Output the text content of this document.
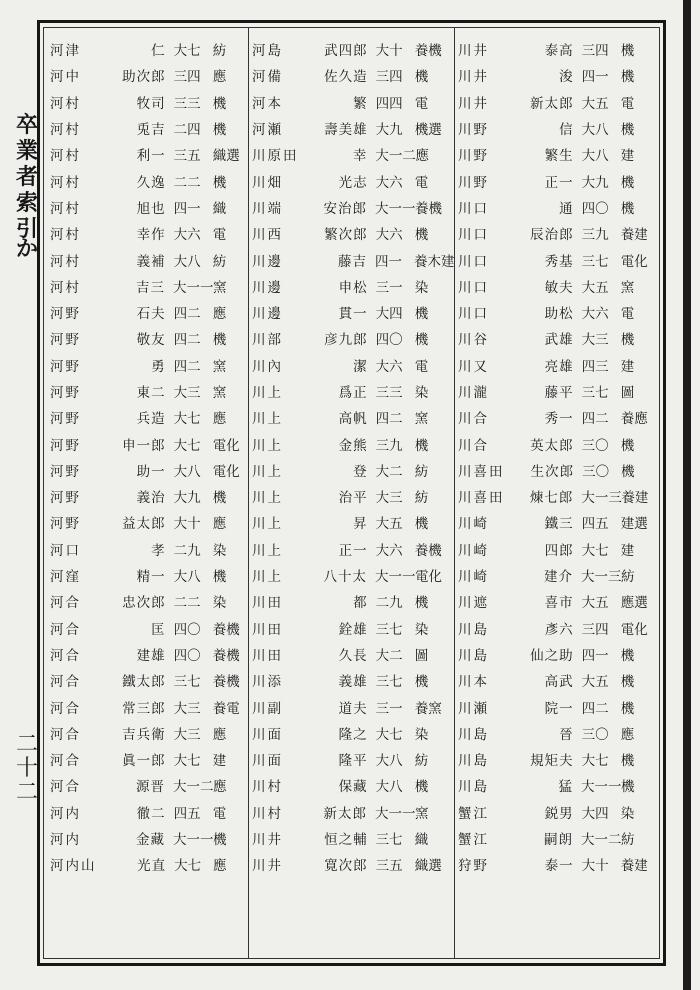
卒
業
者
索
引
か
二
十
二
河津	仁 大七 紡
河中	助次郎 三四 應
河村	牧司 三三 機
河村	兎吉 二四 機
河村	利一 三五 織選
河村	久逸 二二 機
河村	旭也 四一 織
河村	幸作 大六 電
河村	義補 大八 紡
河村	吉三 大一一 窯
河野	石夫 四二 應
河野	敬友 四二 機
河野	勇 四二 窯
河野	東二 大三 窯
河野	兵造 大七 應
河野	申一郎 大七 電化
河野	助一 大八 電化
河野	義治 大九 機
河野	益太郎 大十 應
河口	孝 二九 染
河窪	精一 大八 機
河合	忠次郎 二二 染
河合	匡 四〇 養機
河合	建雄 四〇 養機
河合	鐵太郎 三七 養機
河合	常三郎 大三 養電
河合	吉兵衛 大三 應
河合	眞一郎 大七 建
河合	源晋 大一二 應
河内	徹二 四五 電
河内	金藏 大一一 機
河内山	光直 大七 應
河島	武四郎 大十 養機
河備	佐久造 三四 機
河本	繁 四四 電
河瀬	壽美雄 大九 機選
川原田	幸 大一二 應
川畑	光志 大六 電
川端	安治郎 大一一 養機
川西	繁次郎 大六 機
川邊	藤吉 四一 養木建
川邊	申松 三一 染
川邊	貫一 大四 機
川部	彦九郎 四〇 機
川內	潔 大六 電
川上	爲正 三三 染
川上	高帆 四二 窯
川上	金熊 三九 機
川上	登 大二 紡
川上	治平 大三 紡
川上	昇 大五 機
川上	正一 大六 養機
川上	八十太 大一一 電化
川田	都 二九 機
川田	銓雄 三七 染
川田	久長 大二 圖
川添	義雄 三七 機
川副	道夫 三一 養窯
川面	隆之 大七 染
川面	隆平 大八 紡
川村	保藏 大八 機
川村	新太郎 大一一 窯
川井	恒之輔 三七 織
川井	寛次郎 三五 織選
川井	泰高 三四 機
川井	浚 四一 機
川井	新太郎 大五 電
川野	信 大八 機
川野	繁生 大八 建
川野	正一 大九 機
川口	通 四〇 機
川口	辰治郎 三九 養建
川口	秀基 三七 電化
川口	敏夫 大五 窯
川口	助松 大六 電
川谷	武雄 大三 機
川又	亮雄 四三 建
川瀧	藤平 三七 圖
川合	秀一 四二 養應
川合	英太郎 三〇 機
川喜田	生次郎 三〇 機
川喜田	煉七郎 大一三 養建
川崎	鐵三 四五 建選
川崎	四郎 大七 建
川崎	建介 大一三 紡
川遮	喜市 大五 應選
川島	彥六 三四 電化
川島	仙之助 四一 機
川本	高武 大五 機
川瀬	院一 四二 機
川島	晉 三〇 應
川島	規矩夫 大七 機
川島	猛 大一一 機
蟹江	鋭男 大四 染
蟹江	嗣朗 大一二 紡
狩野	泰一 大十 養建
